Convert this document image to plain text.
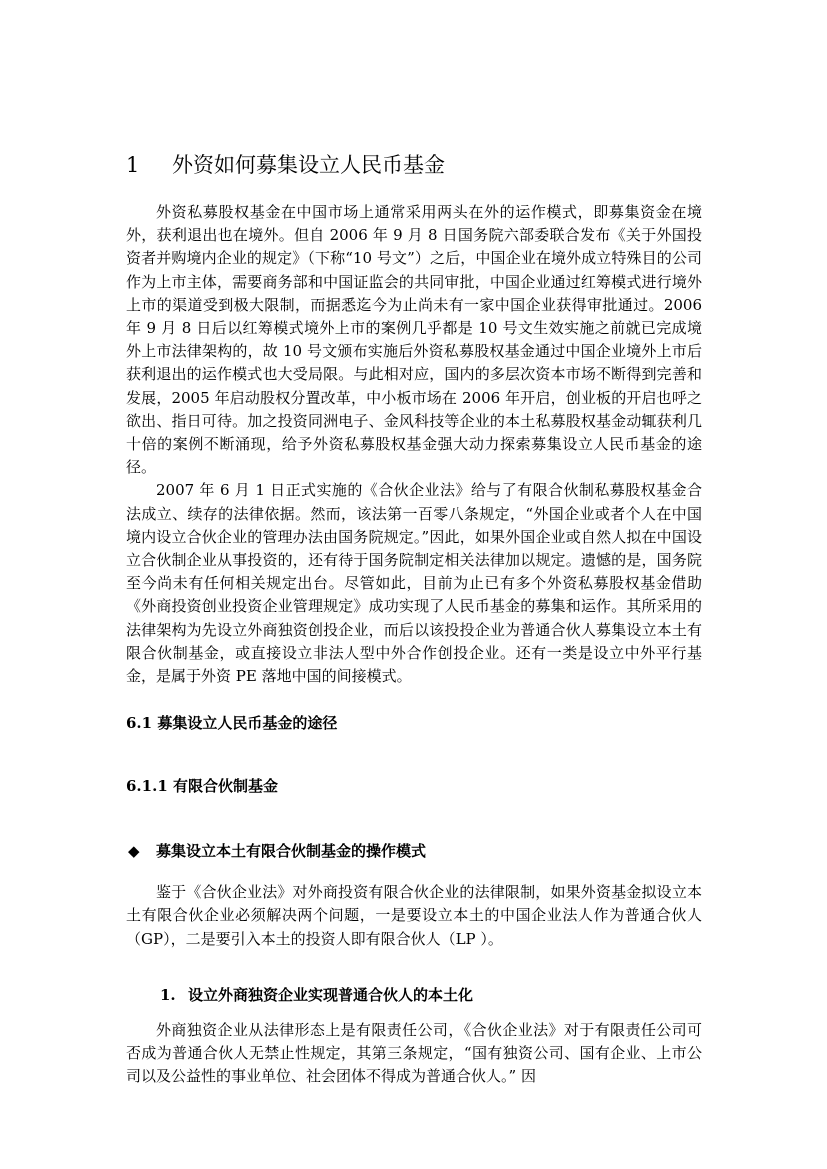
1	外资如何募集设立人民币基金

外资私募股权基金在中国市场上通常采用两头在外的运作模式，即募集资金在境外，获利退出也在境外。但自 2006 年 9 月 8 日国务院六部委联合发布《关于外国投资者并购境内企业的规定》（下称“10 号文”）之后，中国企业在境外成立特殊目的公司作为上市主体，需要商务部和中国证监会的共同审批，中国企业通过红筹模式进行境外上市的渠道受到极大限制，而据悉迄今为止尚未有一家中国企业获得审批通过。2006 年 9 月 8 日后以红筹模式境外上市的案例几乎都是 10 号文生效实施之前就已完成境外上市法律架构的，故 10 号文颁布实施后外资私募股权基金通过中国企业境外上市后获利退出的运作模式也大受局限。与此相对应，国内的多层次资本市场不断得到完善和发展，2005 年启动股权分置改革，中小板市场在 2006 年开启，创业板的开启也呼之欲出、指日可待。加之投资同洲电子、金风科技等企业的本土私募股权基金动辄获利几十倍的案例不断涌现，给予外资私募股权基金强大动力探索募集设立人民币基金的途径。

2007 年 6 月 1 日正式实施的《合伙企业法》给与了有限合伙制私募股权基金合法成立、续存的法律依据。然而，该法第一百零八条规定，“外国企业或者个人在中国境内设立合伙企业的管理办法由国务院规定。”因此，如果外国企业或自然人拟在中国设立合伙制企业从事投资的，还有待于国务院制定相关法律加以规定。遗憾的是，国务院至今尚未有任何相关规定出台。尽管如此，目前为止已有多个外资私募股权基金借助《外商投资创业投资企业管理规定》成功实现了人民币基金的募集和运作。其所采用的法律架构为先设立外商独资创投企业，而后以该投投企业为普通合伙人募集设立本土有限合伙制基金，或直接设立非法人型中外合作创投企业。还有一类是设立中外平行基金，是属于外资 PE 落地中国的间接模式。

6.1 募集设立人民币基金的途径
6.1.1 有限合伙制基金
◆	募集设立本土有限合伙制基金的操作模式

鉴于《合伙企业法》对外商投资有限合伙企业的法律限制，如果外资基金拟设立本土有限合伙企业必须解决两个问题，一是要设立本土的中国企业法人作为普通合伙人（GP），二是要引入本土的投资人即有限合伙人（LP ）。

1. 设立外商独资企业实现普通合伙人的本土化

外商独资企业从法律形态上是有限责任公司，《合伙企业法》对于有限责任公司可否成为普通合伙人无禁止性规定，其第三条规定，“国有独资公司、国有企业、上市公司以及公益性的事业单位、社会团体不得成为普通合伙人。” 因
